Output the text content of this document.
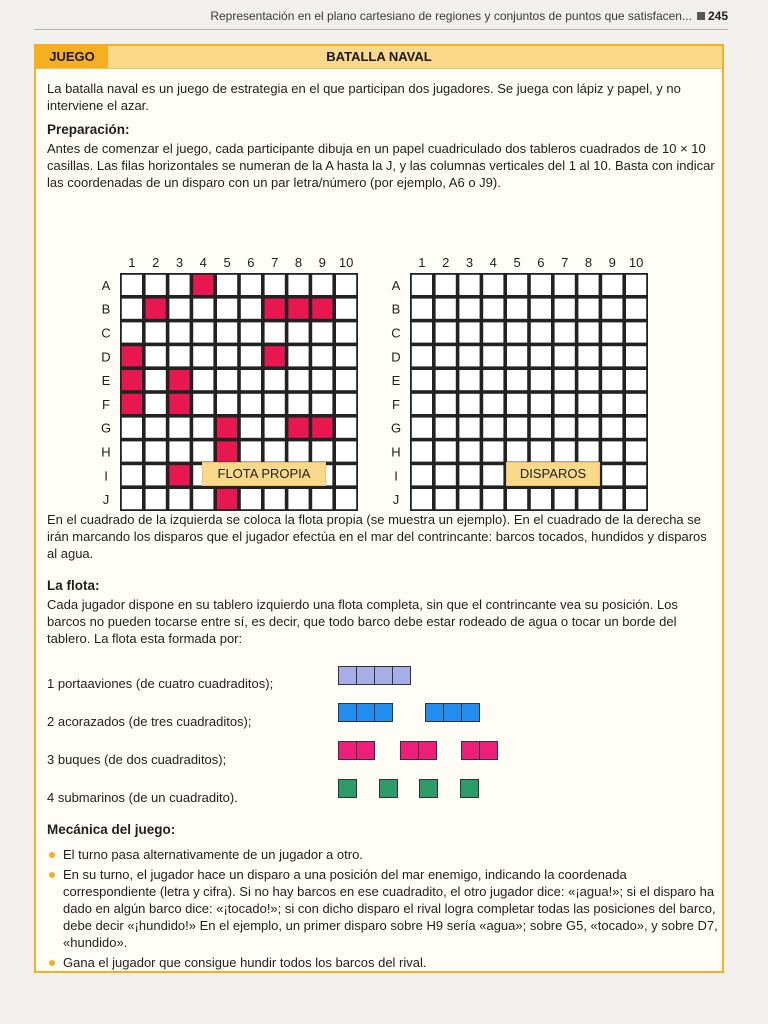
Representación en el plano cartesiano de regiones y conjuntos de puntos que satisfacen... 245
BATALLA NAVAL
JUEGO

La batalla naval es un juego de estrategia en el que participan dos jugadores. Se juega con lápiz y papel, y no interviene el azar.

Preparación:

Antes de comenzar el juego, cada participante dibuja en un papel cuadriculado dos tableros cuadrados de 10 × 10 casillas. Las filas horizontales se numeran de la A hasta la J, y las columnas verticales del 1 al 10. Basta con indicar las coordenadas de un disparo con un par letra/número (por ejemplo, A6 o J9).

1 2 3 4 5 6 7 8 9 10
A
B
C
D
E
F
G
H
I
J
1 2 3 4 5 6 7 8 9 10
A
B
C
D
E
F
G
H
I
J
FLOTA PROPIA	DISPAROS

En el cuadrado de la izquierda se coloca la flota propia (se muestra un ejemplo). En el cuadrado de la derecha se irán marcando los disparos que el jugador efectúa en el mar del contrincante: barcos tocados, hundidos y disparos al agua.

La flota:

Cada jugador dispone en su tablero izquierdo una flota completa, sin que el contrincante vea su posición. Los barcos no pueden tocarse entre sí, es decir, que todo barco debe estar rodeado de agua o tocar un borde del tablero. La flota esta formada por:

1 portaaviones (de cuatro cuadraditos);

2 acorazados (de tres cuadraditos);

3 buques (de dos cuadraditos);

4 submarinos (de un cuadradito).

Mecánica del juego:

El turno pasa alternativamente de un jugador a otro.
En su turno, el jugador hace un disparo a una posición del mar enemigo, indicando la coordenada correspondiente (letra y cifra). Si no hay barcos en ese cuadradito, el otro jugador dice: «¡agua!»; si el disparo ha dado en algún barco dice: «¡tocado!»; si con dicho disparo el rival logra completar todas las posiciones del barco, debe decir «¡hundido!» En el ejemplo, un primer disparo sobre H9 sería «agua»; sobre G5, «tocado», y sobre D7, «hundido».
Gana el jugador que consigue hundir todos los barcos del rival.
